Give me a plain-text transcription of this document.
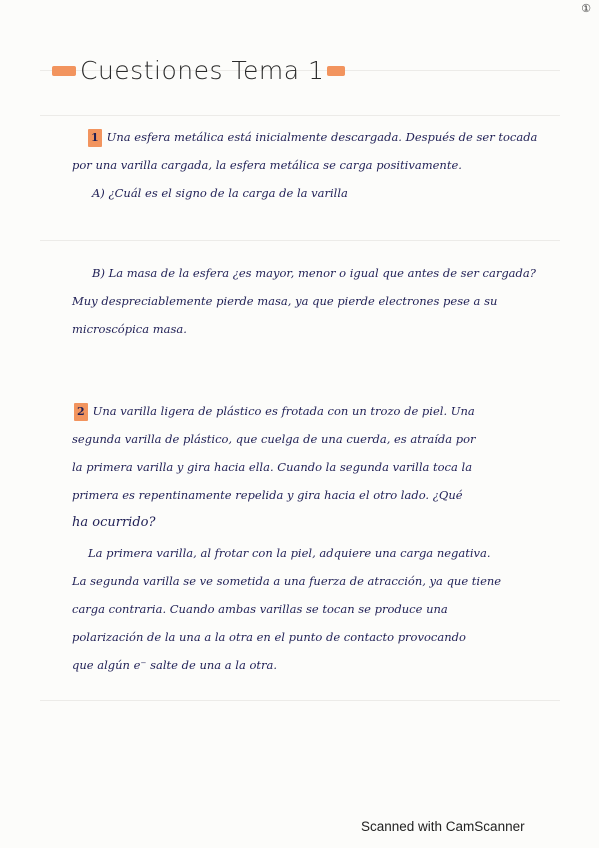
①
Cuestiones Tema 1
1 Una esfera metálica está inicialmente descargada. Después de ser tocada
por una varilla cargada, la esfera metálica se carga positivamente.
A) ¿Cuál es el signo de la carga de la varilla
B) La masa de la esfera ¿es mayor, menor o igual que antes de ser cargada?
Muy despreciablemente pierde masa, ya que pierde electrones pese a su
microscópica masa.
2 Una varilla ligera de plástico es frotada con un trozo de piel. Una
segunda varilla de plástico, que cuelga de una cuerda, es atraída por
la primera varilla y gira hacia ella. Cuando la segunda varilla toca la
primera es repentinamente repelida y gira hacia el otro lado. ¿Qué
ha ocurrido?
La primera varilla, al frotar con la piel, adquiere una carga negativa.
La segunda varilla se ve sometida a una fuerza de atracción, ya que tiene
carga contraria. Cuando ambas varillas se tocan se produce una
polarización de la una a la otra en el punto de contacto provocando
que algún e⁻ salte de una a la otra.
Scanned with CamScanner
